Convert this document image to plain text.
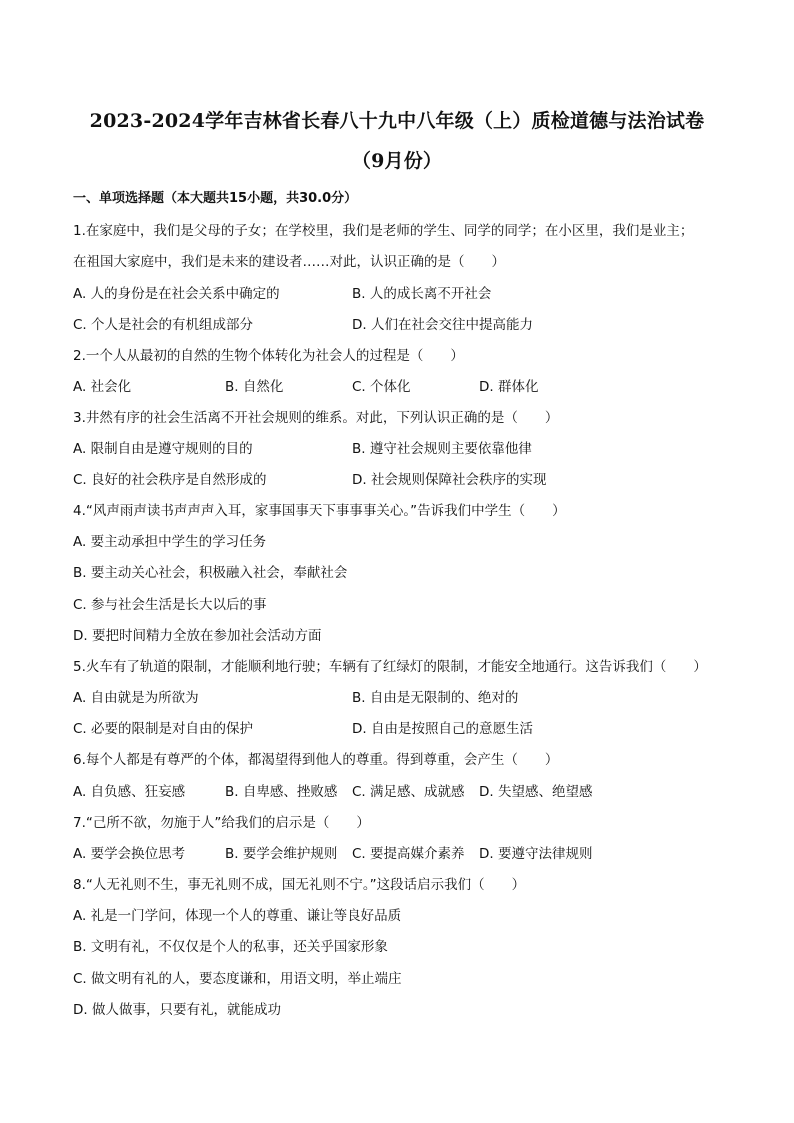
2023-2024学年吉林省长春八十九中八年级（上）质检道德与法治试卷
（9月份）
一、单项选择题（本大题共15小题，共30.0分）
1.在家庭中，我们是父母的子女；在学校里，我们是老师的学生、同学的同学；在小区里，我们是业主；
在祖国大家庭中，我们是未来的建设者……对此，认识正确的是（　　）
A. 人的身份是在社会关系中确定的	B. 人的成长离不开社会
C. 个人是社会的有机组成部分	D. 人们在社会交往中提高能力
2.一个人从最初的自然的生物个体转化为社会人的过程是（　　）
A. 社会化	B. 自然化	C. 个体化	D. 群体化
3.井然有序的社会生活离不开社会规则的维系。对此，下列认识正确的是（　　）
A. 限制自由是遵守规则的目的	B. 遵守社会规则主要依靠他律
C. 良好的社会秩序是自然形成的	D. 社会规则保障社会秩序的实现
4.“风声雨声读书声声声入耳，家事国事天下事事事关心。”告诉我们中学生（　　）
A. 要主动承担中学生的学习任务
B. 要主动关心社会，积极融入社会，奉献社会
C. 参与社会生活是长大以后的事
D. 要把时间精力全放在参加社会活动方面
5.火车有了轨道的限制，才能顺利地行驶；车辆有了红绿灯的限制，才能安全地通行。这告诉我们（　　）
A. 自由就是为所欲为	B. 自由是无限制的、绝对的
C. 必要的限制是对自由的保护	D. 自由是按照自己的意愿生活
6.每个人都是有尊严的个体，都渴望得到他人的尊重。得到尊重，会产生（　　）
A. 自负感、狂妄感	B. 自卑感、挫败感 C. 满足感、成就感 D. 失望感、绝望感
7.“己所不欲，勿施于人”给我们的启示是（　　）
A. 要学会换位思考	B. 要学会维护规则 C. 要提高媒介素养 D. 要遵守法律规则
8.“人无礼则不生，事无礼则不成，国无礼则不宁。”这段话启示我们（　　）
A. 礼是一门学问，体现一个人的尊重、谦让等良好品质
B. 文明有礼，不仅仅是个人的私事，还关乎国家形象
C. 做文明有礼的人，要态度谦和，用语文明，举止端庄
D. 做人做事，只要有礼，就能成功
